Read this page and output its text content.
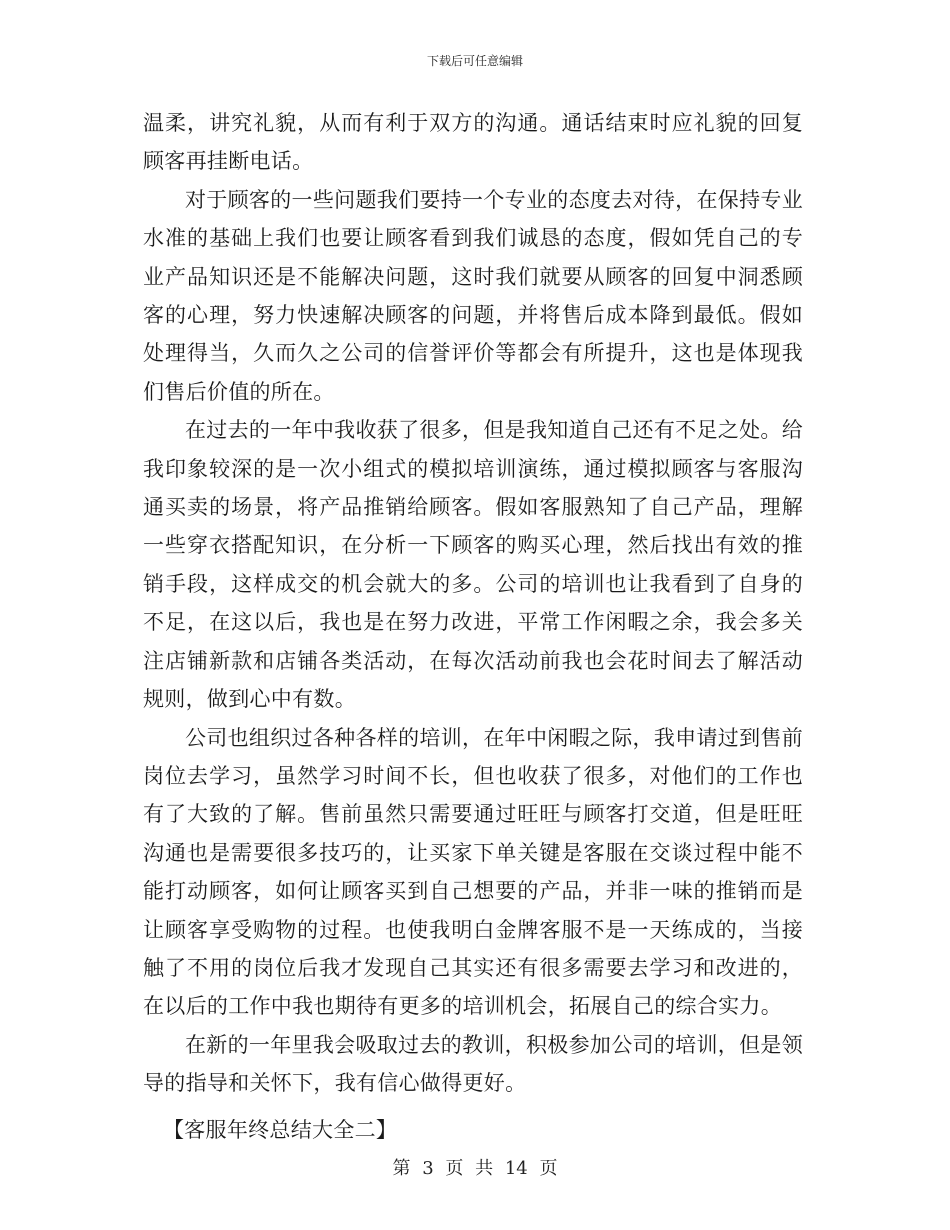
下载后可任意编辑

温柔，讲究礼貌，从而有利于双方的沟通。通话结束时应礼貌的回复顾客再挂断电话。

对于顾客的一些问题我们要持一个专业的态度去对待，在保持专业水准的基础上我们也要让顾客看到我们诚恳的态度，假如凭自己的专业产品知识还是不能解决问题，这时我们就要从顾客的回复中洞悉顾客的心理，努力快速解决顾客的问题，并将售后成本降到最低。假如处理得当，久而久之公司的信誉评价等都会有所提升，这也是体现我们售后价值的所在。

在过去的一年中我收获了很多，但是我知道自己还有不足之处。给我印象较深的是一次小组式的模拟培训演练，通过模拟顾客与客服沟通买卖的场景，将产品推销给顾客。假如客服熟知了自己产品，理解一些穿衣搭配知识，在分析一下顾客的购买心理，然后找出有效的推销手段，这样成交的机会就大的多。公司的培训也让我看到了自身的不足，在这以后，我也是在努力改进，平常工作闲暇之余，我会多关注店铺新款和店铺各类活动，在每次活动前我也会花时间去了解活动规则，做到心中有数。

公司也组织过各种各样的培训，在年中闲暇之际，我申请过到售前岗位去学习，虽然学习时间不长，但也收获了很多，对他们的工作也有了大致的了解。售前虽然只需要通过旺旺与顾客打交道，但是旺旺沟通也是需要很多技巧的，让买家下单关键是客服在交谈过程中能不能打动顾客，如何让顾客买到自己想要的产品，并非一味的推销而是让顾客享受购物的过程。也使我明白金牌客服不是一天练成的，当接触了不用的岗位后我才发现自己其实还有很多需要去学习和改进的，在以后的工作中我也期待有更多的培训机会，拓展自己的综合实力。

在新的一年里我会吸取过去的教训，积极参加公司的培训，但是领导的指导和关怀下，我有信心做得更好。

【客服年终总结大全二】

第 3 页 共 14 页
